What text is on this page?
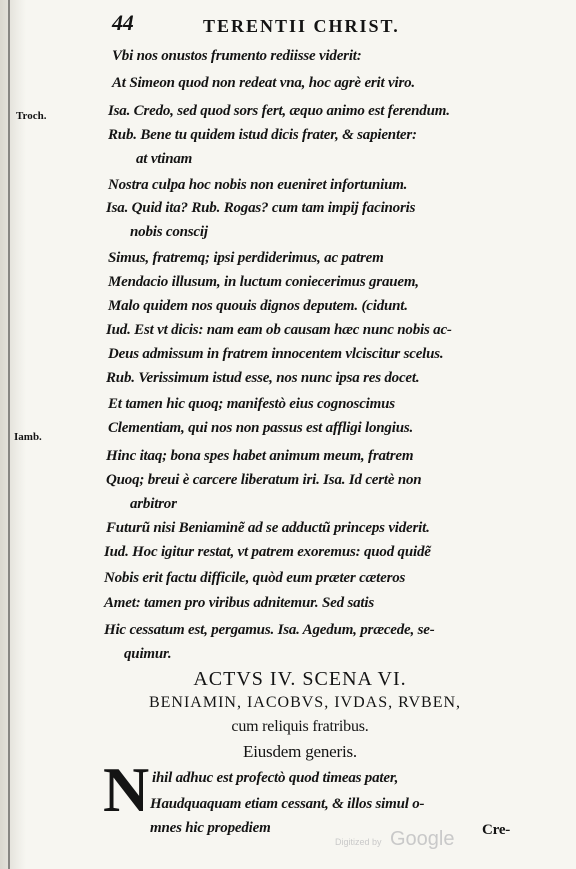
44	TERENTII CHRIST.
Troch.
Iamb.
Vbi nos onustos frumento rediisse viderit:
At Simeon quod non redeat vna, hoc agrè erit viro.
Isa. Credo, sed quod sors fert, æquo animo est ferendum.
Rub. Bene tu quidem istud dicis frater, & sapienter:
at vtinam
Nostra culpa hoc nobis non eueniret infortunium.
Isa. Quid ita? Rub. Rogas? cum tam impij facinoris
nobis conscij
Simus, fratremq; ipsi perdiderimus, ac patrem
Mendacio illusum, in luctum coniecerimus grauem,
Malo quidem nos quouis dignos deputem. (cidunt.
Iud. Est vt dicis: nam eam ob causam hæc nunc nobis ac-
Deus admissum in fratrem innocentem vlciscitur scelus.
Rub. Verissimum istud esse, nos nunc ipsa res docet.
Et tamen hic quoq; manifestò eius cognoscimus
Clementiam, qui nos non passus est affligi longius.
Hinc itaq; bona spes habet animum meum, fratrem
Quoq; breui è carcere liberatum iri. Isa. Id certè non
arbitror
Futurũ nisi Beniaminẽ ad se adductũ princeps viderit.
Iud. Hoc igitur restat, vt patrem exoremus: quod quidẽ
Nobis erit factu difficile, quòd eum præter cæteros
Amet: tamen pro viribus adnitemur. Sed satis
Hic cessatum est, pergamus. Isa. Agedum, præcede, se-
quimur.
ACTVS IV. SCENA VI.
BENIAMIN, IACOBVS, IVDAS, RVBEN,
cum reliquis fratribus.
Eiusdem generis.
N ihil adhuc est profectò quod timeas pater,
Haudquaquam etiam cessant, & illos simul o-
mnes hic propediem	Cre-
Digitized by Google
